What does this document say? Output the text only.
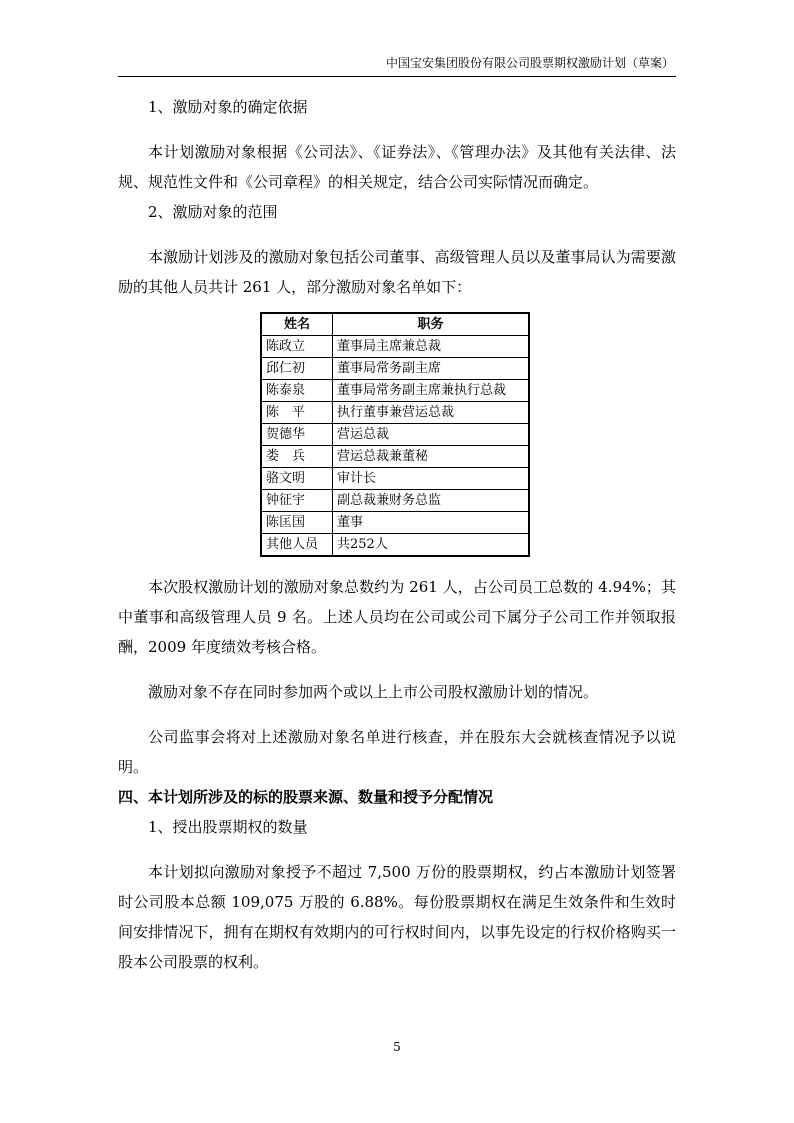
中国宝安集团股份有限公司股票期权激励计划（草案）

1、激励对象的确定依据

本计划激励对象根据《公司法》、《证券法》、《管理办法》及其他有关法律、法规、规范性文件和《公司章程》的相关规定，结合公司实际情况而确定。

2、激励对象的范围

本激励计划涉及的激励对象包括公司董事、高级管理人员以及董事局认为需要激励的其他人员共计 261 人，部分激励对象名单如下：

姓名	职务
陈政立	董事局主席兼总裁
邱仁初	董事局常务副主席
陈泰泉	董事局常务副主席兼执行总裁
陈　平	执行董事兼营运总裁
贺德华	营运总裁
娄　兵	营运总裁兼董秘
骆文明	审计长
钟征宇	副总裁兼财务总监
陈匡国	董事
其他人员	共252人

本次股权激励计划的激励对象总数约为 261 人，占公司员工总数的 4.94%；其中董事和高级管理人员 9 名。上述人员均在公司或公司下属分子公司工作并领取报酬，2009 年度绩效考核合格。

激励对象不存在同时参加两个或以上上市公司股权激励计划的情况。

公司监事会将对上述激励对象名单进行核查，并在股东大会就核查情况予以说明。

四、本计划所涉及的标的股票来源、数量和授予分配情况

1、授出股票期权的数量

本计划拟向激励对象授予不超过 7,500 万份的股票期权，约占本激励计划签署时公司股本总额 109,075 万股的 6.88%。每份股票期权在满足生效条件和生效时间安排情况下，拥有在期权有效期内的可行权时间内，以事先设定的行权价格购买一股本公司股票的权利。

5
